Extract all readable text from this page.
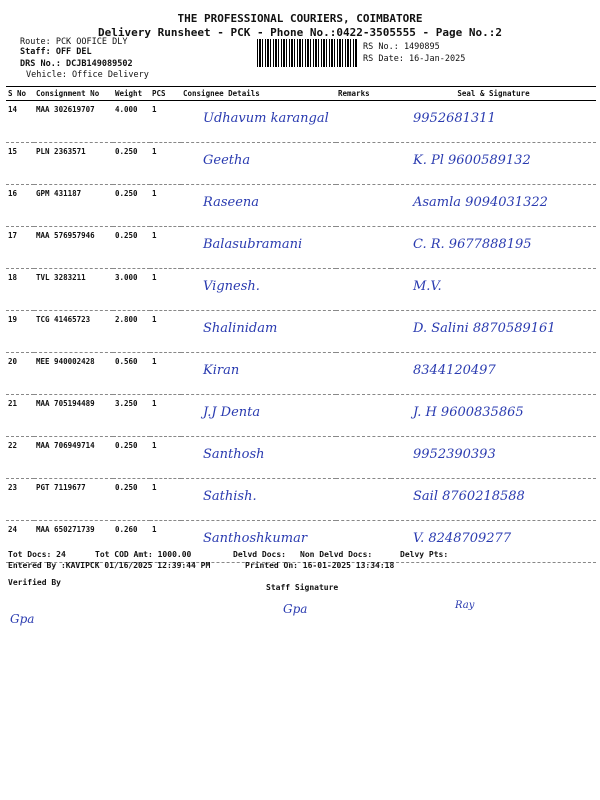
THE PROFESSIONAL COURIERS, COIMBATORE
Delivery Runsheet - PCK - Phone No.:0422-3505555 - Page No.:2
Route: PCK OOFICE DLY
Staff: OFF DEL
DRS No.: DCJB149089502
Vehicle: Office Delivery
RS No.: 1490895
RS Date: 16-Jan-2025
S No	Consignment No	Weight	PCS	Consignee Details	Remarks	Seal & Signature
14	MAA 302619707	4.000	1	Udhavum karangal		9952681311
15	PLN 2363571	0.250	1	Geetha		K. Pl 9600589132
16	GPM 431187	0.250	1	Raseena		Asamla 9094031322
17	MAA 576957946	0.250	1	Balasubramani		C. R. 9677888195
18	TVL 3283211	3.000	1	Vignesh.		M.V.
19	TCG 41465723	2.800	1	Shalinidam		D. Salini 8870589161
20	MEE 940002428	0.560	1	Kiran		8344120497
21	MAA 705194489	3.250	1	J.J Denta		J. H 9600835865
22	MAA 706949714	0.250	1	Santhosh		9952390393
23	PGT 7119677	0.250	1	Sathish.		Sail 8760218588
24	MAA 650271739	0.260	1	Santhoshkumar		V. 8248709277
Tot Docs: 24	Tot COD Amt: 1000.00	Delvd Docs: Non Delvd Docs:	Delvy Pts:
Entered By :KAVIPCK 01/16/2025 12:39:44 PM	Printed On: 16-01-2025 13:34:18
Verified By
Staff Signature
Gpa
Gpa	Ray
